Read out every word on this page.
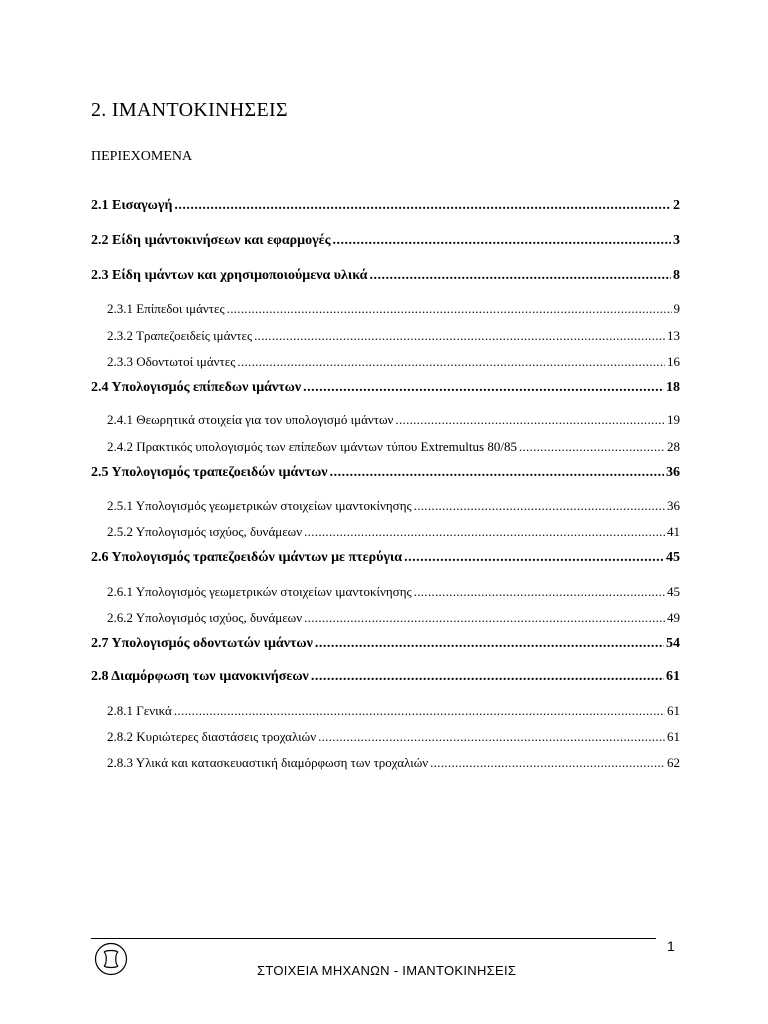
2. ΙΜΑΝΤΟΚΙΝΗΣΕΙΣ
ΠΕΡΙΕΧΟΜΕΝΑ
2.1 Εισαγωγή .....	2
2.2 Είδη ιμάντοκινήσεων και εφαρμογές .....	3
2.3 Είδη ιμάντων και χρησιμοποιούμενα υλικά .....	8
2.3.1 Επίπεδοι ιμάντες .....	9
2.3.2 Τραπεζοειδείς ιμάντες .....	13
2.3.3 Οδοντωτοί ιμάντες .....	16
2.4 Υπολογισμός επίπεδων ιμάντων .....	18
2.4.1 Θεωρητικά στοιχεία για τον υπολογισμό ιμάντων .....	19
2.4.2 Πρακτικός υπολογισμός των επίπεδων ιμάντων τύπου Extremultus 80/85 .....	28
2.5 Υπολογισμός τραπεζοειδών ιμάντων .....	36
2.5.1 Υπολογισμός γεωμετρικών στοιχείων ιμαντοκίνησης .....	36
2.5.2 Υπολογισμός ισχύος, δυνάμεων .....	41
2.6 Υπολογισμός τραπεζοειδών ιμάντων με πτερύγια .....	45
2.6.1 Υπολογισμός γεωμετρικών στοιχείων ιμαντοκίνησης .....	45
2.6.2 Υπολογισμός ισχύος, δυνάμεων .....	49
2.7 Υπολογισμός οδοντωτών ιμάντων .....	54
2.8 Διαμόρφωση των ιμανοκινήσεων .....	61
2.8.1 Γενικά .....	61
2.8.2 Κυριώτερες διαστάσεις τροχαλιών .....	61
2.8.3 Υλικά και κατασκευαστική διαμόρφωση των τροχαλιών .....	62
1
ΣΤΟΙΧΕΙΑ ΜΗΧΑΝΩΝ - ΙΜΑΝΤΟΚΙΝΗΣΕΙΣ
